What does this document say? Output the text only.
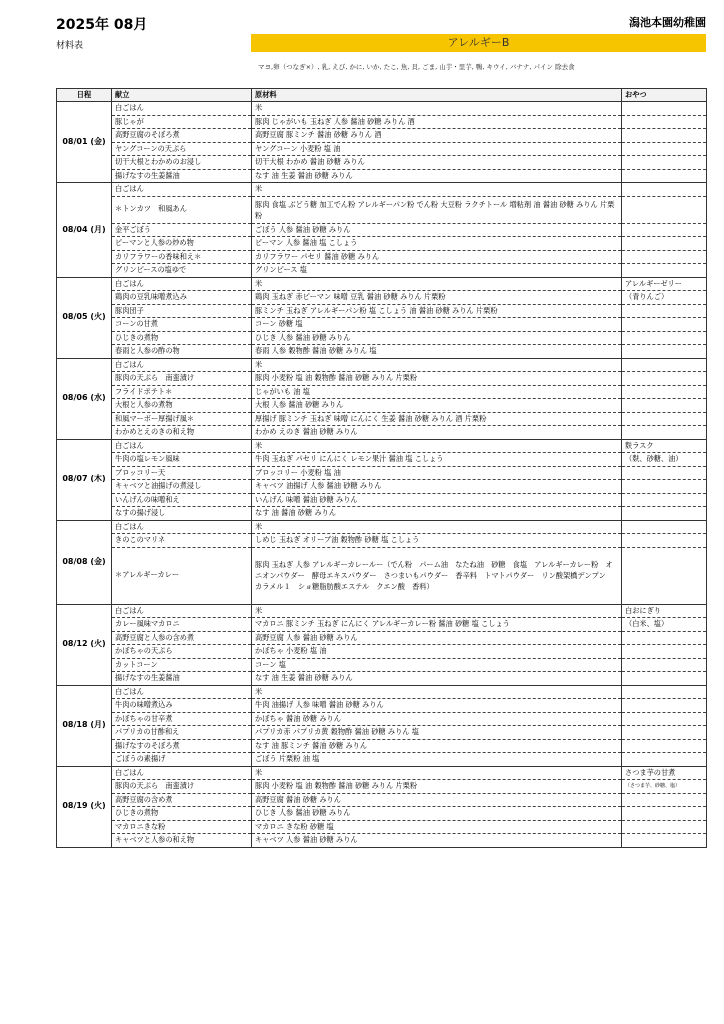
2025年 08月	潟池本園幼稚園
材料表	アレルギーB
マヨ,卵（つなぎ×）, 乳, えび, かに, いか, たこ, 魚, 貝, ごま, 山芋・里芋, 鴨, キウイ, バナナ, パイン 除去食
日程	献立	原材料	おやつ
08/01 (金)	白ごはん	米	
	豚じゃが	豚肉 じゃがいも 玉ねぎ 人参 醤油 砂糖 みりん 酒	
	高野豆腐のそぼろ煮	高野豆腐 豚ミンチ 醤油 砂糖 みりん 酒	
	ヤングコーンの天ぷら	ヤングコーン 小麦粉 塩 油	
	切干大根とわかめのお浸し	切干大根 わかめ 醤油 砂糖 みりん	
	揚げなすの生姜醤油	なす 油 生姜 醤油 砂糖 みりん	
08/04 (月)	白ごはん	米	
	＊トンカツ　和風あん	豚肉 食塩 ぶどう糖 加工でん粉 アレルギーパン粉 でん粉 大豆粉 ラクチトール 増粘剤 油 醤油 砂糖 みりん 片栗粉	
	金平ごぼう	ごぼう 人参 醤油 砂糖 みりん	
	ピーマンと人参の炒め物	ピーマン 人参 醤油 塩 こしょう	
	カリフラワーの香味和え＊	カリフラワー パセリ 醤油 砂糖 みりん	
	グリンピースの塩ゆで	グリンピース 塩	
08/05 (火)	白ごはん	米	アレルギーゼリー
	鶏肉の豆乳味噌煮込み	鶏肉 玉ねぎ 赤ピーマン 味噌 豆乳 醤油 砂糖 みりん 片栗粉	（青りんご）
	豚肉団子	豚ミンチ 玉ねぎ アレルギーパン粉 塩 こしょう 油 醤油 砂糖 みりん 片栗粉	
	コーンの甘煮	コーン 砂糖 塩	
	ひじきの煮物	ひじき 人参 醤油 砂糖 みりん	
	春雨と人参の酢の物	春雨 人参 穀物酢 醤油 砂糖 みりん 塩	
08/06 (水)	白ごはん	米	
	豚肉の天ぷら　南蛮漬け	豚肉 小麦粉 塩 油 穀物酢 醤油 砂糖 みりん 片栗粉	
	フライドポテト＊	じゃがいも 油 塩	
	大根と人参の煮物	大根 人参 醤油 砂糖 みりん	
	和風マーボー厚揚げ風＊	厚揚げ 豚ミンチ 玉ねぎ 味噌 にんにく 生姜 醤油 砂糖 みりん 酒 片栗粉	
	わかめとえのきの和え物	わかめ えのき 醤油 砂糖 みりん	
08/07 (木)	白ごはん	米	麩ラスク
	牛肉の塩レモン風味	牛肉 玉ねぎ パセリ にんにく レモン果汁 醤油 塩 こしょう	（麩、砂糖、油）
	ブロッコリー天	ブロッコリー 小麦粉 塩 油	
	キャベツと油揚げの煮浸し	キャベツ 油揚げ 人参 醤油 砂糖 みりん	
	いんげんの味噌和え	いんげん 味噌 醤油 砂糖 みりん	
	なすの揚げ浸し	なす 油 醤油 砂糖 みりん	
08/08 (金)	白ごはん	米	
	きのこのマリネ	しめじ 玉ねぎ オリーブ油 穀物酢 砂糖 塩 こしょう	
	＊アレルギーカレー	豚肉 玉ねぎ 人参 アレルギーカレールー（でん粉　パーム油　なたね油　砂糖　食塩　アレルギーカレー粉　オニオンパウダー　酵母エキスパウダー　さつまいもパウダー　香辛料　トマトパウダー　リン酸架橋デンプン　カラメル１　ショ糖脂肪酸エステル　クエン酸　香料）	
08/12 (火)	白ごはん	米	白おにぎり
	カレー風味マカロニ	マカロニ 豚ミンチ 玉ねぎ にんにく アレルギーカレー粉 醤油 砂糖 塩 こしょう	（白米、塩）
	高野豆腐と人参の含め煮	高野豆腐 人参 醤油 砂糖 みりん	
	かぼちゃの天ぷら	かぼちゃ 小麦粉 塩 油	
	カットコーン	コーン 塩	
	揚げなすの生姜醤油	なす 油 生姜 醤油 砂糖 みりん	
08/18 (月)	白ごはん	米	
	牛肉の味噌煮込み	牛肉 油揚げ 人参 味噌 醤油 砂糖 みりん	
	かぼちゃの甘辛煮	かぼちゃ 醤油 砂糖 みりん	
	パプリカの甘酢和え	パプリカ赤 パプリカ黄 穀物酢 醤油 砂糖 みりん 塩	
	揚げなすのそぼろ煮	なす 油 豚ミンチ 醤油 砂糖 みりん	
	ごぼうの素揚げ	ごぼう 片栗粉 油 塩	
08/19 (火)	白ごはん	米	さつま芋の甘煮
	豚肉の天ぷら　南蛮漬け	豚肉 小麦粉 塩 油 穀物酢 醤油 砂糖 みりん 片栗粉	（さつま芋、砂糖、塩）
	高野豆腐の含め煮	高野豆腐 醤油 砂糖 みりん	
	ひじきの煮物	ひじき 人参 醤油 砂糖 みりん	
	マカロニきな粉	マカロニ きな粉 砂糖 塩	
	キャベツと人参の和え物	キャベツ 人参 醤油 砂糖 みりん	
